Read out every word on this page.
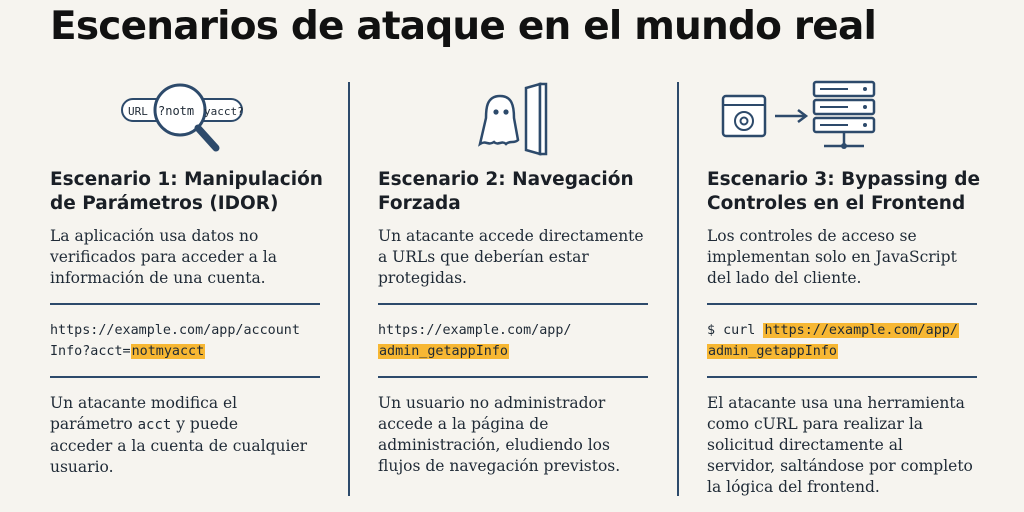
Escenarios de ataque en el mundo real
URL ?notm yacct?
Escenario 1: Manipulación
de Parámetros (IDOR)
La aplicación usa datos no
verificados para acceder a la
información de una cuenta.
https://example.com/app/account
Info?acct=notmyacct
Un atacante modifica el
parámetro acct y puede
acceder a la cuenta de cualquier
usuario.
Escenario 2: Navegación
Forzada
Un atacante accede directamente
a URLs que deberían estar
protegidas.
https://example.com/app/
admin_getappInfo
Un usuario no administrador
accede a la página de
administración, eludiendo los
flujos de navegación previstos.
Escenario 3: Bypassing de
Controles en el Frontend
Los controles de acceso se
implementan solo en JavaScript
del lado del cliente.
$ curl https://example.com/app/
admin_getappInfo
El atacante usa una herramienta
como cURL para realizar la
solicitud directamente al
servidor, saltándose por completo
la lógica del frontend.
